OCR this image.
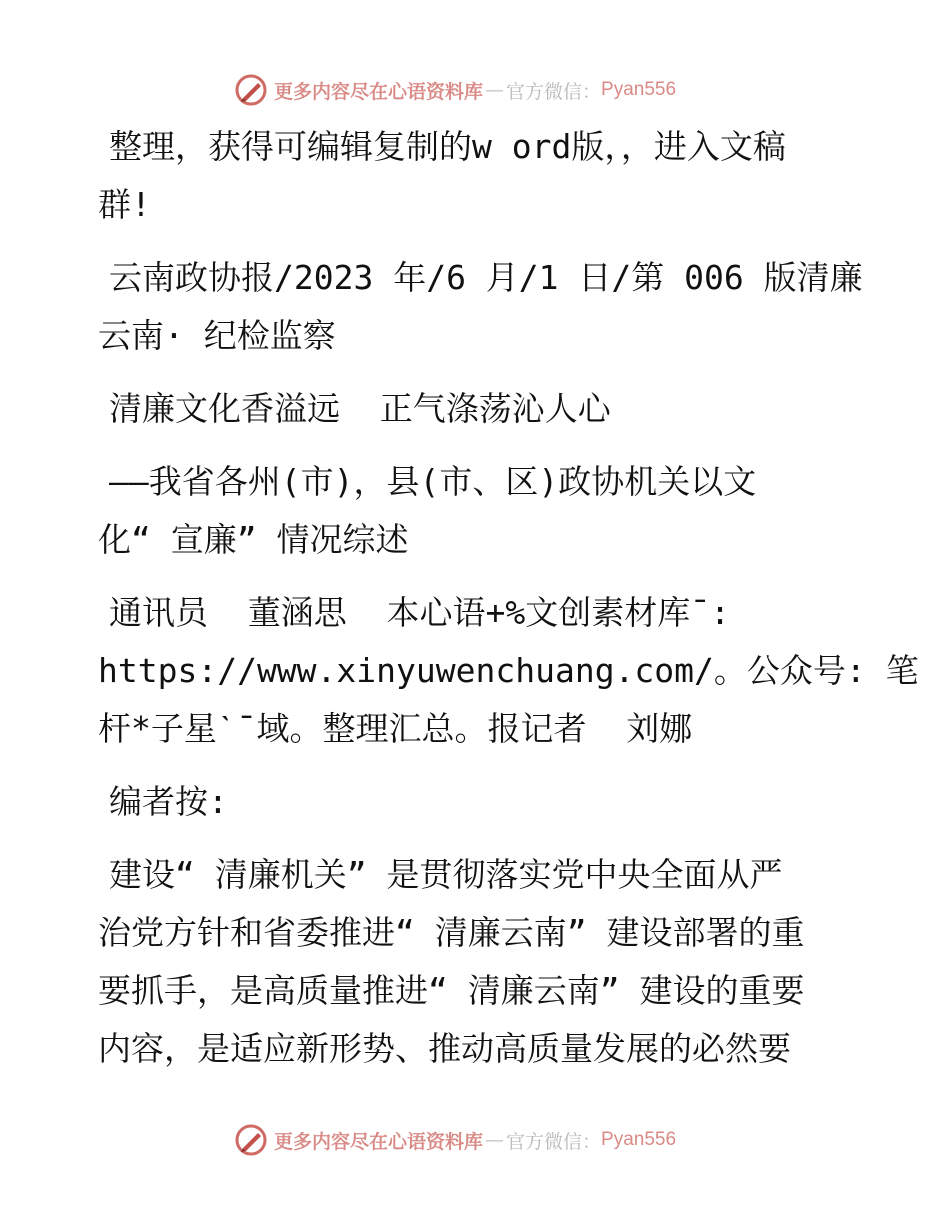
更多内容尽在心语资料库 — 官方微信： Pyan556
整理，获得可编辑复制的w ord版，，进入文稿
群!
云南政协报/2023 年/6 月/1 日/第 006 版清廉
云南· 纪检监察
清廉文化香溢远  正气涤荡沁人心
——我省各州(市)，县(市、区)政协机关以文
化“ 宣廉” 情况综述
通讯员  董涵思  本心语+%文创素材库¯:
https://www.xinyuwenchuang.com/。公众号: 笔
杆*子星ˋ¯域。整理汇总。报记者  刘娜
编者按:
建设“ 清廉机关” 是贯彻落实党中央全面从严
治党方针和省委推进“ 清廉云南” 建设部署的重
要抓手，是高质量推进“ 清廉云南” 建设的重要
内容，是适应新形势、推动高质量发展的必然要
更多内容尽在心语资料库 — 官方微信： Pyan556
